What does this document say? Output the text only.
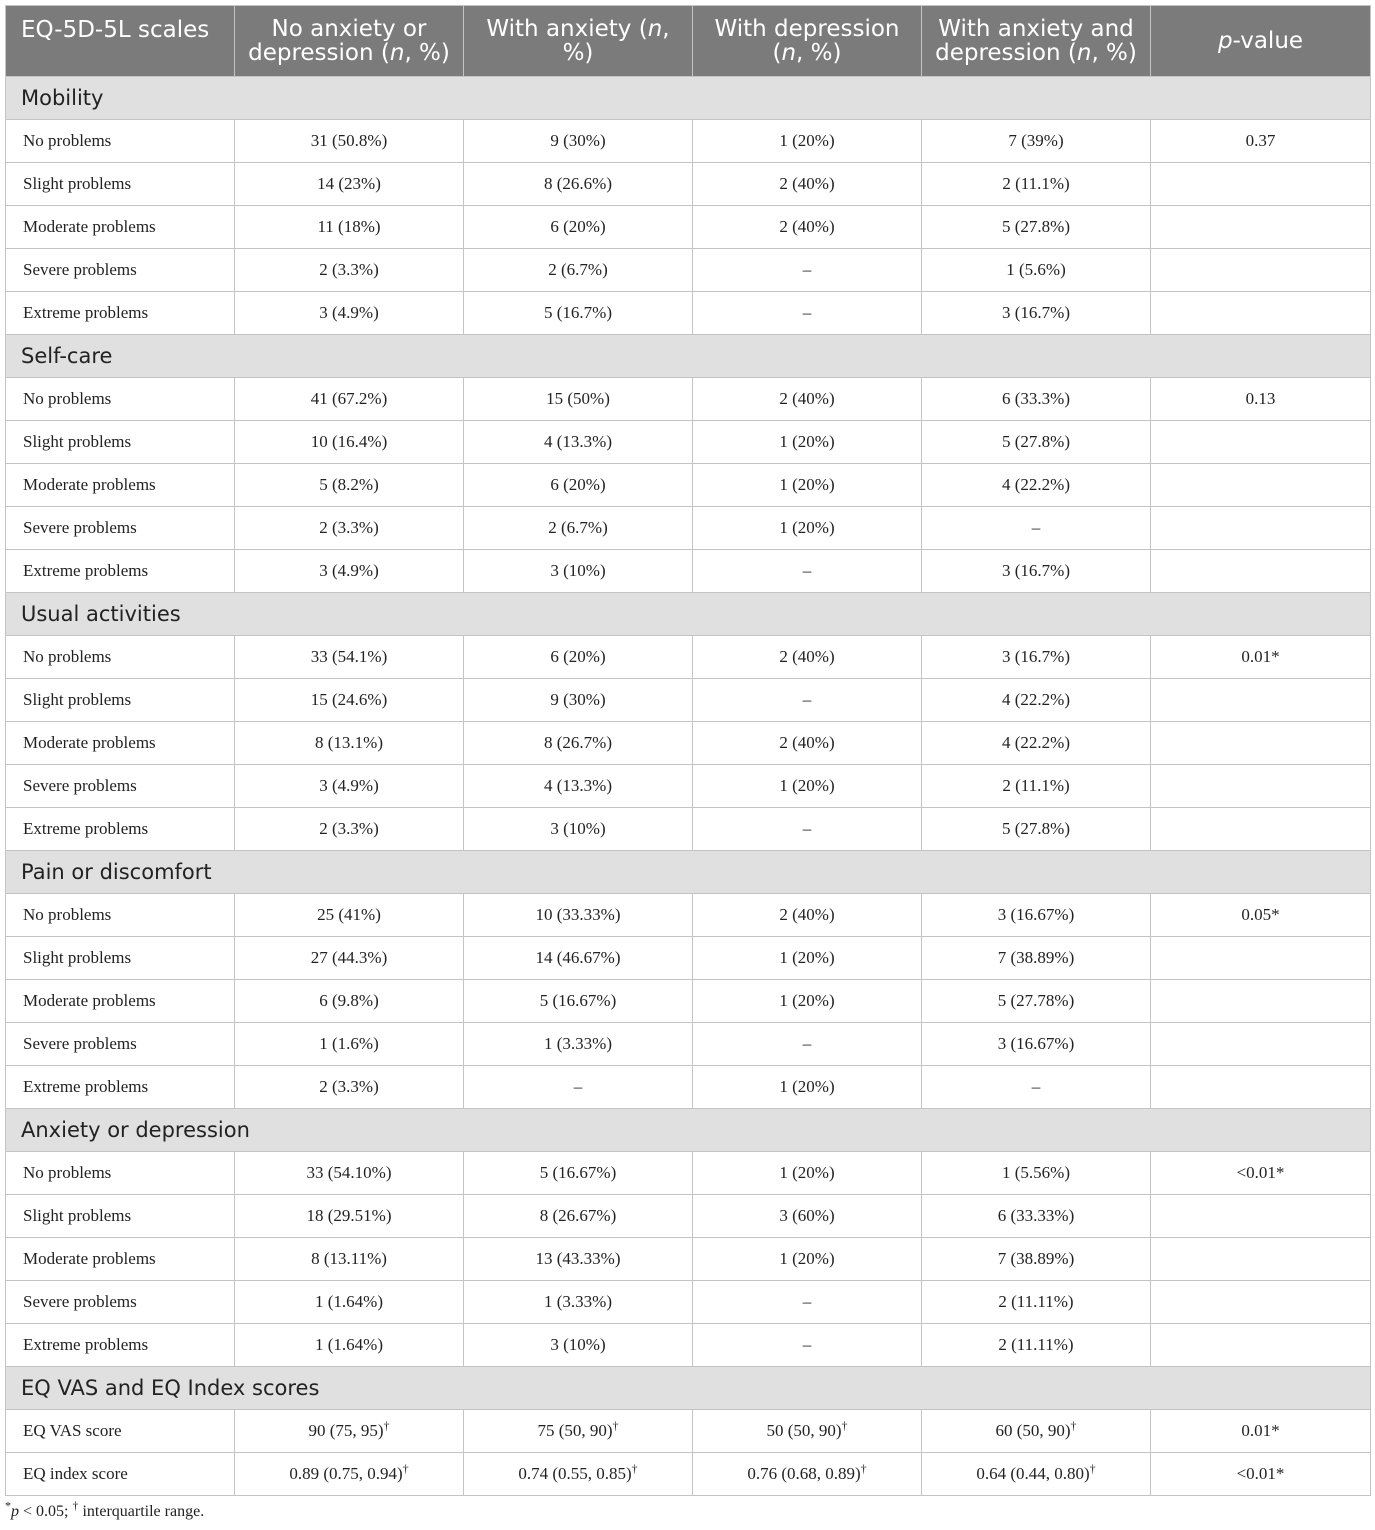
EQ-5D-5L scales	No anxiety or depression (n, %)	With anxiety (n, %)	With depression (n, %)	With anxiety and depression (n, %)	p-value
Mobility					
No problems	31 (50.8%)	9 (30%)	1 (20%)	7 (39%)	0.37
Slight problems	14 (23%)	8 (26.6%)	2 (40%)	2 (11.1%)	
Moderate problems	11 (18%)	6 (20%)	2 (40%)	5 (27.8%)	
Severe problems	2 (3.3%)	2 (6.7%)	–	1 (5.6%)	
Extreme problems	3 (4.9%)	5 (16.7%)	–	3 (16.7%)	
Self-care					
No problems	41 (67.2%)	15 (50%)	2 (40%)	6 (33.3%)	0.13
Slight problems	10 (16.4%)	4 (13.3%)	1 (20%)	5 (27.8%)	
Moderate problems	5 (8.2%)	6 (20%)	1 (20%)	4 (22.2%)	
Severe problems	2 (3.3%)	2 (6.7%)	1 (20%)	–	
Extreme problems	3 (4.9%)	3 (10%)	–	3 (16.7%)	
Usual activities					
No problems	33 (54.1%)	6 (20%)	2 (40%)	3 (16.7%)	0.01*
Slight problems	15 (24.6%)	9 (30%)	–	4 (22.2%)	
Moderate problems	8 (13.1%)	8 (26.7%)	2 (40%)	4 (22.2%)	
Severe problems	3 (4.9%)	4 (13.3%)	1 (20%)	2 (11.1%)	
Extreme problems	2 (3.3%)	3 (10%)	–	5 (27.8%)	
Pain or discomfort					
No problems	25 (41%)	10 (33.33%)	2 (40%)	3 (16.67%)	0.05*
Slight problems	27 (44.3%)	14 (46.67%)	1 (20%)	7 (38.89%)	
Moderate problems	6 (9.8%)	5 (16.67%)	1 (20%)	5 (27.78%)	
Severe problems	1 (1.6%)	1 (3.33%)	–	3 (16.67%)	
Extreme problems	2 (3.3%)	–	1 (20%)	–	
Anxiety or depression					
No problems	33 (54.10%)	5 (16.67%)	1 (20%)	1 (5.56%)	<0.01*
Slight problems	18 (29.51%)	8 (26.67%)	3 (60%)	6 (33.33%)	
Moderate problems	8 (13.11%)	13 (43.33%)	1 (20%)	7 (38.89%)	
Severe problems	1 (1.64%)	1 (3.33%)	–	2 (11.11%)	
Extreme problems	1 (1.64%)	3 (10%)	–	2 (11.11%)	
EQ VAS and EQ Index scores					
EQ VAS score	90 (75, 95)†	75 (50, 90)†	50 (50, 90)†	60 (50, 90)†	0.01*
EQ index score	0.89 (0.75, 0.94)†	0.74 (0.55, 0.85)†	0.76 (0.68, 0.89)†	0.64 (0.44, 0.80)†	<0.01*
*p < 0.05; † interquartile range.
